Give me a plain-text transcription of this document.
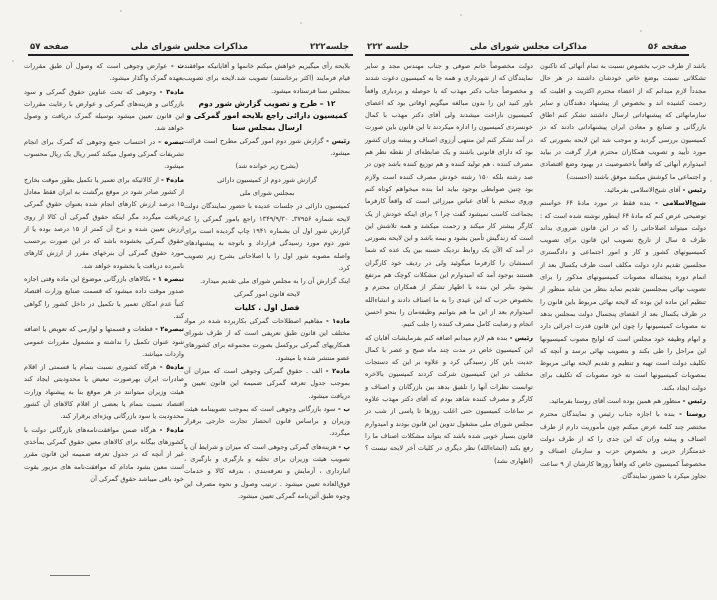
جلسه۲۲۲
مذاکرات مجلس شورای ملی
صفحه ۵۷

بلایحه رأی میگیریم خواهش میکنم خانمها و آقایانیکه موافقند قیام فرمایند (اکثر برخاستند) تصویب شد.لایحه برای تصویب بمجلس سنا فرستاده میشود.

۱۲ – طرح و تصویب گزارش شور دوم کمیسیون دارائی راجع بلایحه امور گمرکی و ارسال بمجلس سنا

رئیس - گزارش شور دوم امور گمرکی مطرح است قرائت میشود.

(بشرح زیر خوانده شد)

گزارش شور دوم از کمیسیون دارائی

بمجلس شورای ملی

کمیسیون دارائی در جلسات عدیده با حضور نمایندگان دولت لایحه شماره ۳۷۹۵۶ـ ۱۳۴۹/۹/۳۰ راجع بامور گمرکی را که گزارش شور اول آن بشماره ۱۹۴۱ چاپ گردیده است برای شور دوم مورد رسیدگی قرارداد و باتوجه به پیشنهادهای واصله مصوبه شور اول را با اصلاحاتی بشرح زیر تصویب کرد.

اینک گزارش آن را به مجلس شورای ملی تقدیم میدارد.

لایحه قانون امور گمرکی

فصل اول . کلیات

ماده۱ - مفاهیم اصطلاحات گمرکی بکاربرده شده در مواد مختلف این قانون طبق تعریفی است که از طرف شورای همکاریهای گمرکی بروکسل بصورت مجموعه برای کشورهای عضو منتشر شده یا میشود.

ماده۲ - الف . حقوق گمرکی وجوهی است که میزان آن بموجب جدول تعرفه گمرکی ضمیمه این قانون تعیین و دریافت میشود.

ب - سود بازرگانی وجوهی است که بموجب تصویبنامه هیئت وزیران و براساس قانون انحصار تجارت خارجی برقرار میگردد.

پ - هزینه‌های گمرکی وجوهی است که میزان و شرایط آن با تصویب هیئت وزیران برای تخلیه و بارگیری و بارگیری ، انبارداری ، آزمایش و تعرفه‌بندی ، بدرقه کالا و خدمات فوق‌العاده تعیین میشود . ترتیب وصول و نحوه مصرف این وجوه طبق آئین‌نامه گمرکی تعیین میشود.

ث - عوارض وجوهی است که وصول آن طبق مقررات بعهده گمرک واگذار میشود.

ماده۳ - وجوهی که تحت عناوین حقوق گمرکی و سود بازرگانی و هزینه‌های گمرکی و عوارض با رعایت مقررات این قانون تعیین میشود بوسیله گمرک دریافت و وصول خواهد شد.

تبصره - در احتساب جمع وجوهی که گمرک برای انجام تشریفات گمرکی وصول میکند کسر ریال یک ریال محسوب میشود.

ماده۴ - از کالائیکه برای تعمیر یا تکمیل بطور موقت بخارج از کشور صادر شود در موقع برگشت به ایران فقط معادل ۱۵ درصد ارزش کارهای انجام شده بعنوان حقوق گمرکی دریافت میگردد مگر اینکه حقوق گمرکی آن کالا از روی ارزش تعیین شده و نرخ آن کمتر از ۱۵ درصد بوده یا از حقوق گمرکی بخشوده باشد که در این صورت برحسب مورد حقوق گمرکی آن بنرخهای مقرر از ارزش کارهای نامبرده دریافت یا بخشوده خواهد شد.

تبصره ۱ - بکالاهای بازرگانی موضوع این ماده وقتی اجازه صدور موقت داده میشود که قسمت صنایع وزارت اقتصاد کتباً عدم امکان تعمیر یا تکمیل در داخل کشور را گواهی کند.

تبصره۲ - قطعات و قسمتها و لوازمی که تعویض یا اضافه شود عنوان تکمیل را نداشته و مشمول مقررات عمومی واردات میباشد.

ماده۵ - هرگاه کشوری نسبت بتمام یا قسمتی از اقلام صادرات ایران بهرصورت تبعیض یا محدودیتی ایجاد کند هیئت وزیران میتوانند در هر موقع بنا به پیشنهاد وزارت اقتصاد نسبت بتمام یا بعضی از اقلام کالاهای آن کشور محدودیت یا سود بازرگانی ویژه‌ای برقرار کند.

ماده۶ - هرگاه ضمن موافقت‌نامه‌های بازرگانی دولت با کشورهای بیگانه برای کالاهای معین حقوق گمرکی بمأخذی غیر از آنچه که در جدول تعرفه ضمیمه این قانون مقرر است معین بشود مادام که موافقت‌نامه های مزبور بقوت خود باقی میباشد حقوق گمرکی آن

صفحه ۵۶
مذاکرات مجلس شورای ملی
جلسه ۲۲۲

باشد از طرف حزب بخصوص نسبت به تمام آنهائی که تاکنون تشکلاتی نسبت بوضع خاص خودشان داشتند در هر حال مجدداً لازم میدانم که از اعضاء محترم اکثریت و اقلیت که زحمت کشیده اند و بخصوص از پیشنهاد دهندگان و سایر سازمانهائی که پیشنهاداتی ارسال داشتند تشکر کنم اطاق بازرگانی و صنایع و معادن ایران پیشنهاداتی دادند که در کمیسیون بررسی گردید و موجب شد این لایحه بصورتی که مورد تأیید و تصویب همکاران محترم قرار گرفت در بیاید امیدوارم آنهائی که واقعاً باخصوصیت در بهبود وضع اقتصادی و اجتماعی ما کوشش میکنند موفق باشند (احسنت)

رئیس - آقای شیخ‌الاسلامی بفرمائید.

شیخ‌الاسلامی - بنده فقط در مورد مادهٔ ۶۴ خواستم توضیحی عرض کنم که مادهٔ ۶۴ اینطور نوشته شده است که : دولت میتواند اصلاحاتی را که در این قانون ضروری بداند ظرف ۵ سال از تاریخ تصویب این قانون برای تصویب کمیسیونهای کشور و کار و امور اجتماعی و دادگستری مجلسین تقدیم دارد دولت مکلف است ظرف یکسال بعد از اتمام دوره پنجساله مصوبات کمیسیونهای مذکور را برای تصویب نهائی بمجلسین تقدیم نماید بنظر من شاید منظور از تنظیم این ماده این بوده که لایحه نهائی مربوط باین قانون را در ظرف یکسال بعد از انقضای پنجسال دولت بمجلس بدهد نه مصوبات کمیسیونها را چون این قانون قدرت اجرائی دارد و ابهام وظیفه خود مجلس است که لوایح مصوب کمیسیونها این مراحل را طی بکند و بتصویب نهائی برسد و آنچه که تکلیف دولت است تهیه و تنظیم و تقدیم لایحه نهائی مربوط بمصوبات کمیسیونها است نه خود مصوبات که تکلیف برای دولت ایجاد بکند.

رئیس - منظور هم همین بوده است آقای روستا بفرمائید.

روستا - بنده با اجازه جناب رئیس و نمایندگان محترم مختصر چند کلمه عرض میکنم چون مأموریت دارم از طرف اصناف و پیشه وران که این جدی را که از طرف دولت خدمتگزار حزبی و بخصوص حزب و سازمان اصناف و مخصوصاً کمیسیون خاص که واقعاً روزها کارشان از ۹ ساعت تجاوز میکرد با حضور نمایندگان

دولت مخصوصاً خانم صوفی و جناب مهندس مجد و سایر نمایندگان که از شهرداری و همه جا به کمیسیون دعوت شدند و مخصوصاً جناب دکتر مهذب که با حوصله و بردباری واقعاً باور کنید این را بدون مبالغه میگویم اوقاتی بود که اعضای کمیسیون ناراحت میشدند ولی آقای دکتر مهذب با کمال خونسردی کمیسیون را اداره میکردند تا این قانون باین صورت در آمد تشکر کنم این منتهی آرزوی اصناف و پیشه وران کشور بود که دارای قانونی باشند و یک ضابطه‌ای از نقطه نظر هم مصرف کننده ، هم تولید کننده و هم توزیع کننده باشد چون در صد رشته بلکه ۱۵۰ رشته خودش مصرف کننده است ولازم بود چنین ضوابطی بوجود بیاید اما بنده میخواهم کوتاه کنم وروی سخنم با آقای عباس میرزائی است که واقعاً کارفرما بجماعت کاسب نمیشود گفت چرا ؟ برای اینکه خودش از یک کارگر بیشتر کار میکند و زحمت میکشد و همه تلاشش این است که زندگیش تأمین بشود و بیمه باشد و این لایحه بصورتی در آمد که الآن یک روابط نزدیک حسنه بین یک عده که شما اسمشان را کارفرما میگوئید ولی در ردیف خود کارگران هستند بوجود آمد که امیدوارم این مشکلات کوچک هم مرتفع بشود بنابر این بنده با اظهار تشکر از همکاران محترم و بخصوص حزب که این عیدی را به ما اصناف دادند و انشاءالله امیدوارم بعد از این ما هم بتوانیم وظیفه‌مان را بنحو احسن انجام و رضایت کامل مصرف کننده را جلب کنیم.

رئیس - بنده هم لازم میدانم اضافه کنم بفرمایشات آقایان که این کمیسیون خاص در مدت چند ماه صبح و عصر با کمال جدیت باین کار رسیدگی کرد و علاوه بر این که دستجات مختلف در این کمیسیون شرکت کردند کمیسیون بالاخره توانست نظرات آنها را تلفیق بدهد بین بازرگانان و اصناف و کارگر و مصرف کننده شاهد بودم که آقای دکتر مهذب علاوه بر ساعات کمیسیون حتی اغلب روزها تا پاسی از شب در مجلس شورای ملی مشغول تدوین این قانون بودند و امیدوارم قانون بسیار خوبی شده باشد که بتواند مشکلات اصناف ما را رفع بکند (انشاءالله) نظر دیگری در کلیات آخر لایحه نیست ؟ (اظهاری نشد)
